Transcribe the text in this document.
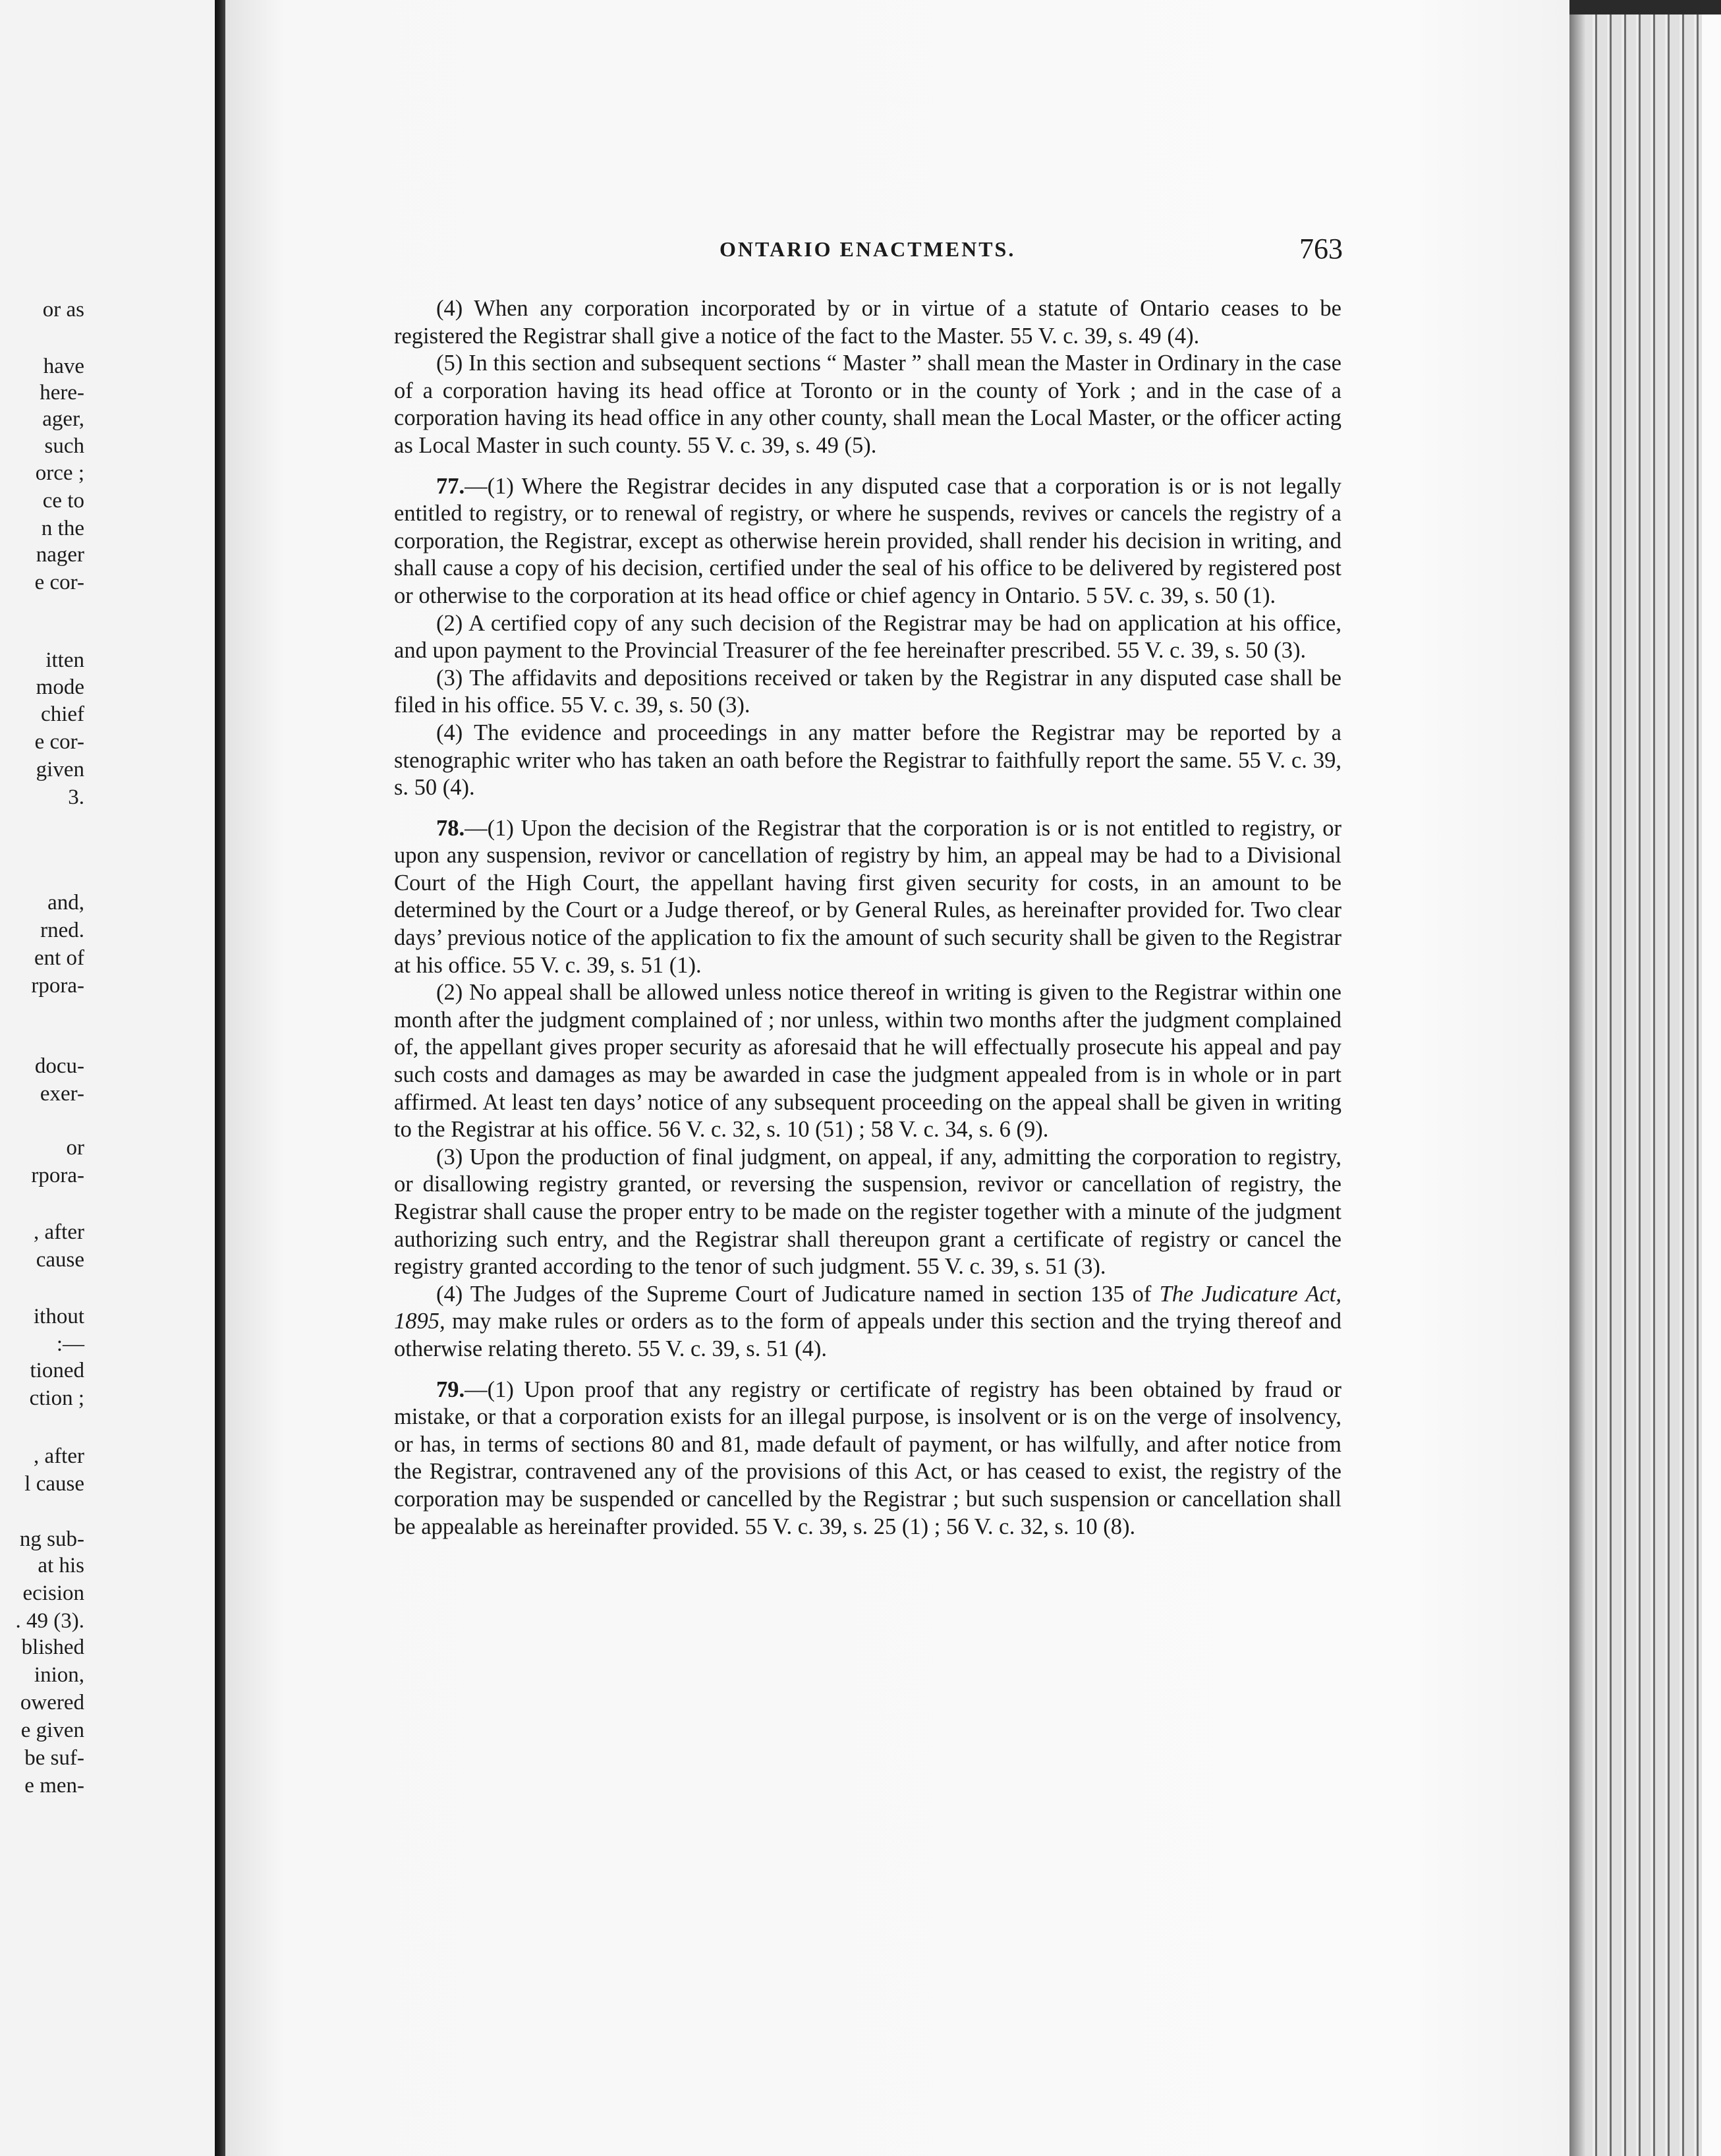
or as
have
here-
ager,
such
orce ;
ce to
n the
nager
e cor-
itten
mode
chief
e cor-
given
3.
and,
rned.
ent of
rpora-
docu-
exer-
or
rpora-
, after
cause
ithout
:—
tioned
ction ;
, after
l cause
ng sub-
at his
ecision
. 49 (3).
blished
inion,
owered
e given
be suf-
e men-
ONTARIO ENACTMENTS.	763

(4) When any corporation incorporated by or in virtue of a statute of Ontario ceases to be registered the Registrar shall give a notice of the fact to the Master. 55 V. c. 39, s. 49 (4).

(5) In this section and subsequent sections “ Master ” shall mean the Master in Ordinary in the case of a corporation having its head office at Toronto or in the county of York ; and in the case of a corporation having its head office in any other county, shall mean the Local Master, or the officer acting as Local Master in such county. 55 V. c. 39, s. 49 (5).

77.—(1) Where the Registrar decides in any disputed case that a corporation is or is not legally entitled to registry, or to renewal of registry, or where he suspends, revives or cancels the registry of a corporation, the Registrar, except as otherwise herein provided, shall render his decision in writing, and shall cause a copy of his decision, certified under the seal of his office to be delivered by registered post or otherwise to the corporation at its head office or chief agency in Ontario. 5 5V. c. 39, s. 50 (1).

(2) A certified copy of any such decision of the Registrar may be had on application at his office, and upon payment to the Provincial Treasurer of the fee hereinafter prescribed. 55 V. c. 39, s. 50 (3).

(3) The affidavits and depositions received or taken by the Registrar in any disputed case shall be filed in his office. 55 V. c. 39, s. 50 (3).

(4) The evidence and proceedings in any matter before the Registrar may be reported by a stenographic writer who has taken an oath before the Registrar to faithfully report the same. 55 V. c. 39, s. 50 (4).

78.—(1) Upon the decision of the Registrar that the corporation is or is not entitled to registry, or upon any suspension, revivor or cancellation of registry by him, an appeal may be had to a Divisional Court of the High Court, the appellant having first given security for costs, in an amount to be determined by the Court or a Judge thereof, or by General Rules, as hereinafter provided for. Two clear days’ previous notice of the application to fix the amount of such security shall be given to the Registrar at his office. 55 V. c. 39, s. 51 (1).

(2) No appeal shall be allowed unless notice thereof in writing is given to the Registrar within one month after the judgment complained of ; nor unless, within two months after the judgment complained of, the appellant gives proper security as aforesaid that he will effectually prosecute his appeal and pay such costs and damages as may be awarded in case the judgment appealed from is in whole or in part affirmed. At least ten days’ notice of any subsequent proceeding on the appeal shall be given in writing to the Registrar at his office. 56 V. c. 32, s. 10 (51) ; 58 V. c. 34, s. 6 (9).

(3) Upon the production of final judgment, on appeal, if any, admitting the corporation to registry, or disallowing registry granted, or reversing the suspension, revivor or cancellation of registry, the Registrar shall cause the proper entry to be made on the register together with a minute of the judgment authorizing such entry, and the Registrar shall thereupon grant a certificate of registry or cancel the registry granted according to the tenor of such judgment. 55 V. c. 39, s. 51 (3).

(4) The Judges of the Supreme Court of Judicature named in section 135 of The Judicature Act, 1895, may make rules or orders as to the form of appeals under this section and the trying thereof and otherwise relating thereto. 55 V. c. 39, s. 51 (4).

79.—(1) Upon proof that any registry or certificate of registry has been obtained by fraud or mistake, or that a corporation exists for an illegal purpose, is insolvent or is on the verge of insolvency, or has, in terms of sections 80 and 81, made default of payment, or has wilfully, and after notice from the Registrar, contravened any of the provisions of this Act, or has ceased to exist, the registry of the corporation may be suspended or cancelled by the Registrar ; but such suspension or cancellation shall be appealable as hereinafter provided. 55 V. c. 39, s. 25 (1) ; 56 V. c. 32, s. 10 (8).
